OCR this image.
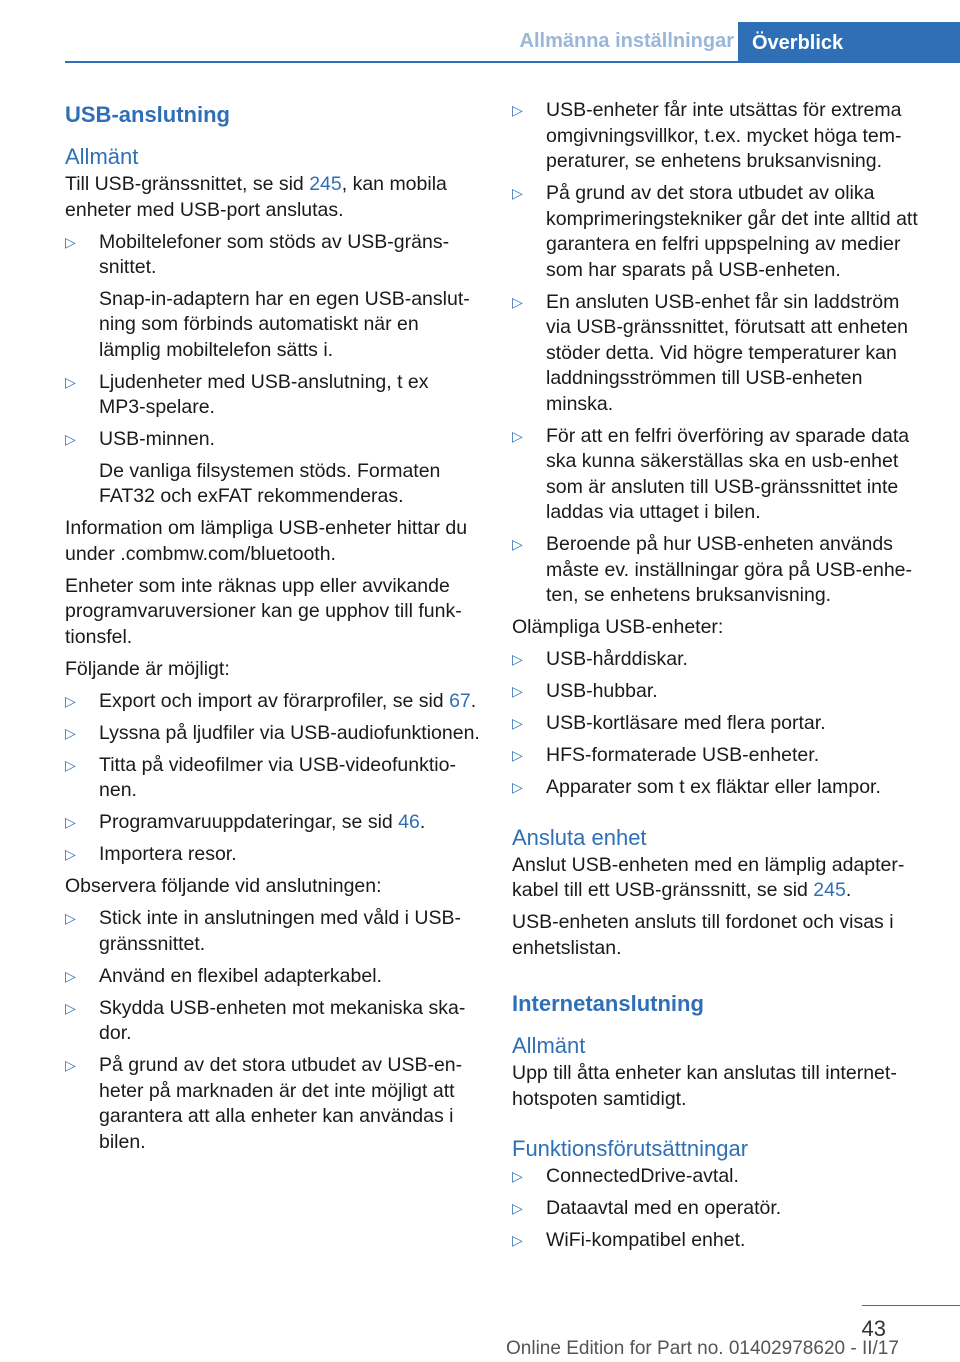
Allmänna inställningar Överblick
USB-anslutning
Allmänt

Till USB-gränssnittet, se sid 245, kan mobila enheter med USB-port anslutas.

▷ Mobiltelefoner som stöds av USB-gränssnittet.
Snap-in-adaptern har en egen USB-anslutning som förbinds automatiskt när en lämplig mobiltelefon sätts i.
▷ Ljudenheter med USB-anslutning, t ex MP3-spelare.
▷ USB-minnen.
De vanliga filsystemen stöds. Formaten FAT32 och exFAT rekommenderas.

Information om lämpliga USB-enheter hittar du under .combmw.com/bluetooth.

Enheter som inte räknas upp eller avvikande programvaruversioner kan ge upphov till funktionsfel.

Följande är möjligt:

▷ Export och import av förarprofiler, se sid 67.
▷ Lyssna på ljudfiler via USB-audiofunktionen.
▷ Titta på videofilmer via USB-videofunktionen.
▷ Programvaruuppdateringar, se sid 46.
▷ Importera resor.

Observera följande vid anslutningen:

▷ Stick inte in anslutningen med våld i USB-gränssnittet.
▷ Använd en flexibel adapterkabel.
▷ Skydda USB-enheten mot mekaniska skador.
▷ På grund av det stora utbudet av USB-enheter på marknaden är det inte möjligt att garantera att alla enheter kan användas i bilen.
▷ USB-enheter får inte utsättas för extrema omgivningsvillkor, t.ex. mycket höga temperaturer, se enhetens bruksanvisning.
▷ På grund av det stora utbudet av olika komprimeringstekniker går det inte alltid att garantera en felfri uppspelning av medier som har sparats på USB-enheten.
▷ En ansluten USB-enhet får sin laddström via USB-gränssnittet, förutsatt att enheten stöder detta. Vid högre temperaturer kan laddningsströmmen till USB-enheten minska.
▷ För att en felfri överföring av sparade data ska kunna säkerställas ska en usb-enhet som är ansluten till USB-gränssnittet inte laddas via uttaget i bilen.
▷ Beroende på hur USB-enheten används måste ev. inställningar göra på USB-enheten, se enhetens bruksanvisning.

Olämpliga USB-enheter:

▷ USB-hårddiskar.
▷ USB-hubbar.
▷ USB-kortläsare med flera portar.
▷ HFS-formaterade USB-enheter.
▷ Apparater som t ex fläktar eller lampor.
Ansluta enhet

Anslut USB-enheten med en lämplig adapterkabel till ett USB-gränssnitt, se sid 245.

USB-enheten ansluts till fordonet och visas i enhetslistan.

Internetanslutning
Allmänt

Upp till åtta enheter kan anslutas till internethotspoten samtidigt.

Funktionsförutsättningar
▷ ConnectedDrive-avtal.
▷ Dataavtal med en operatör.
▷ WiFi-kompatibel enhet.
43
Online Edition for Part no. 01402978620 - II/17
